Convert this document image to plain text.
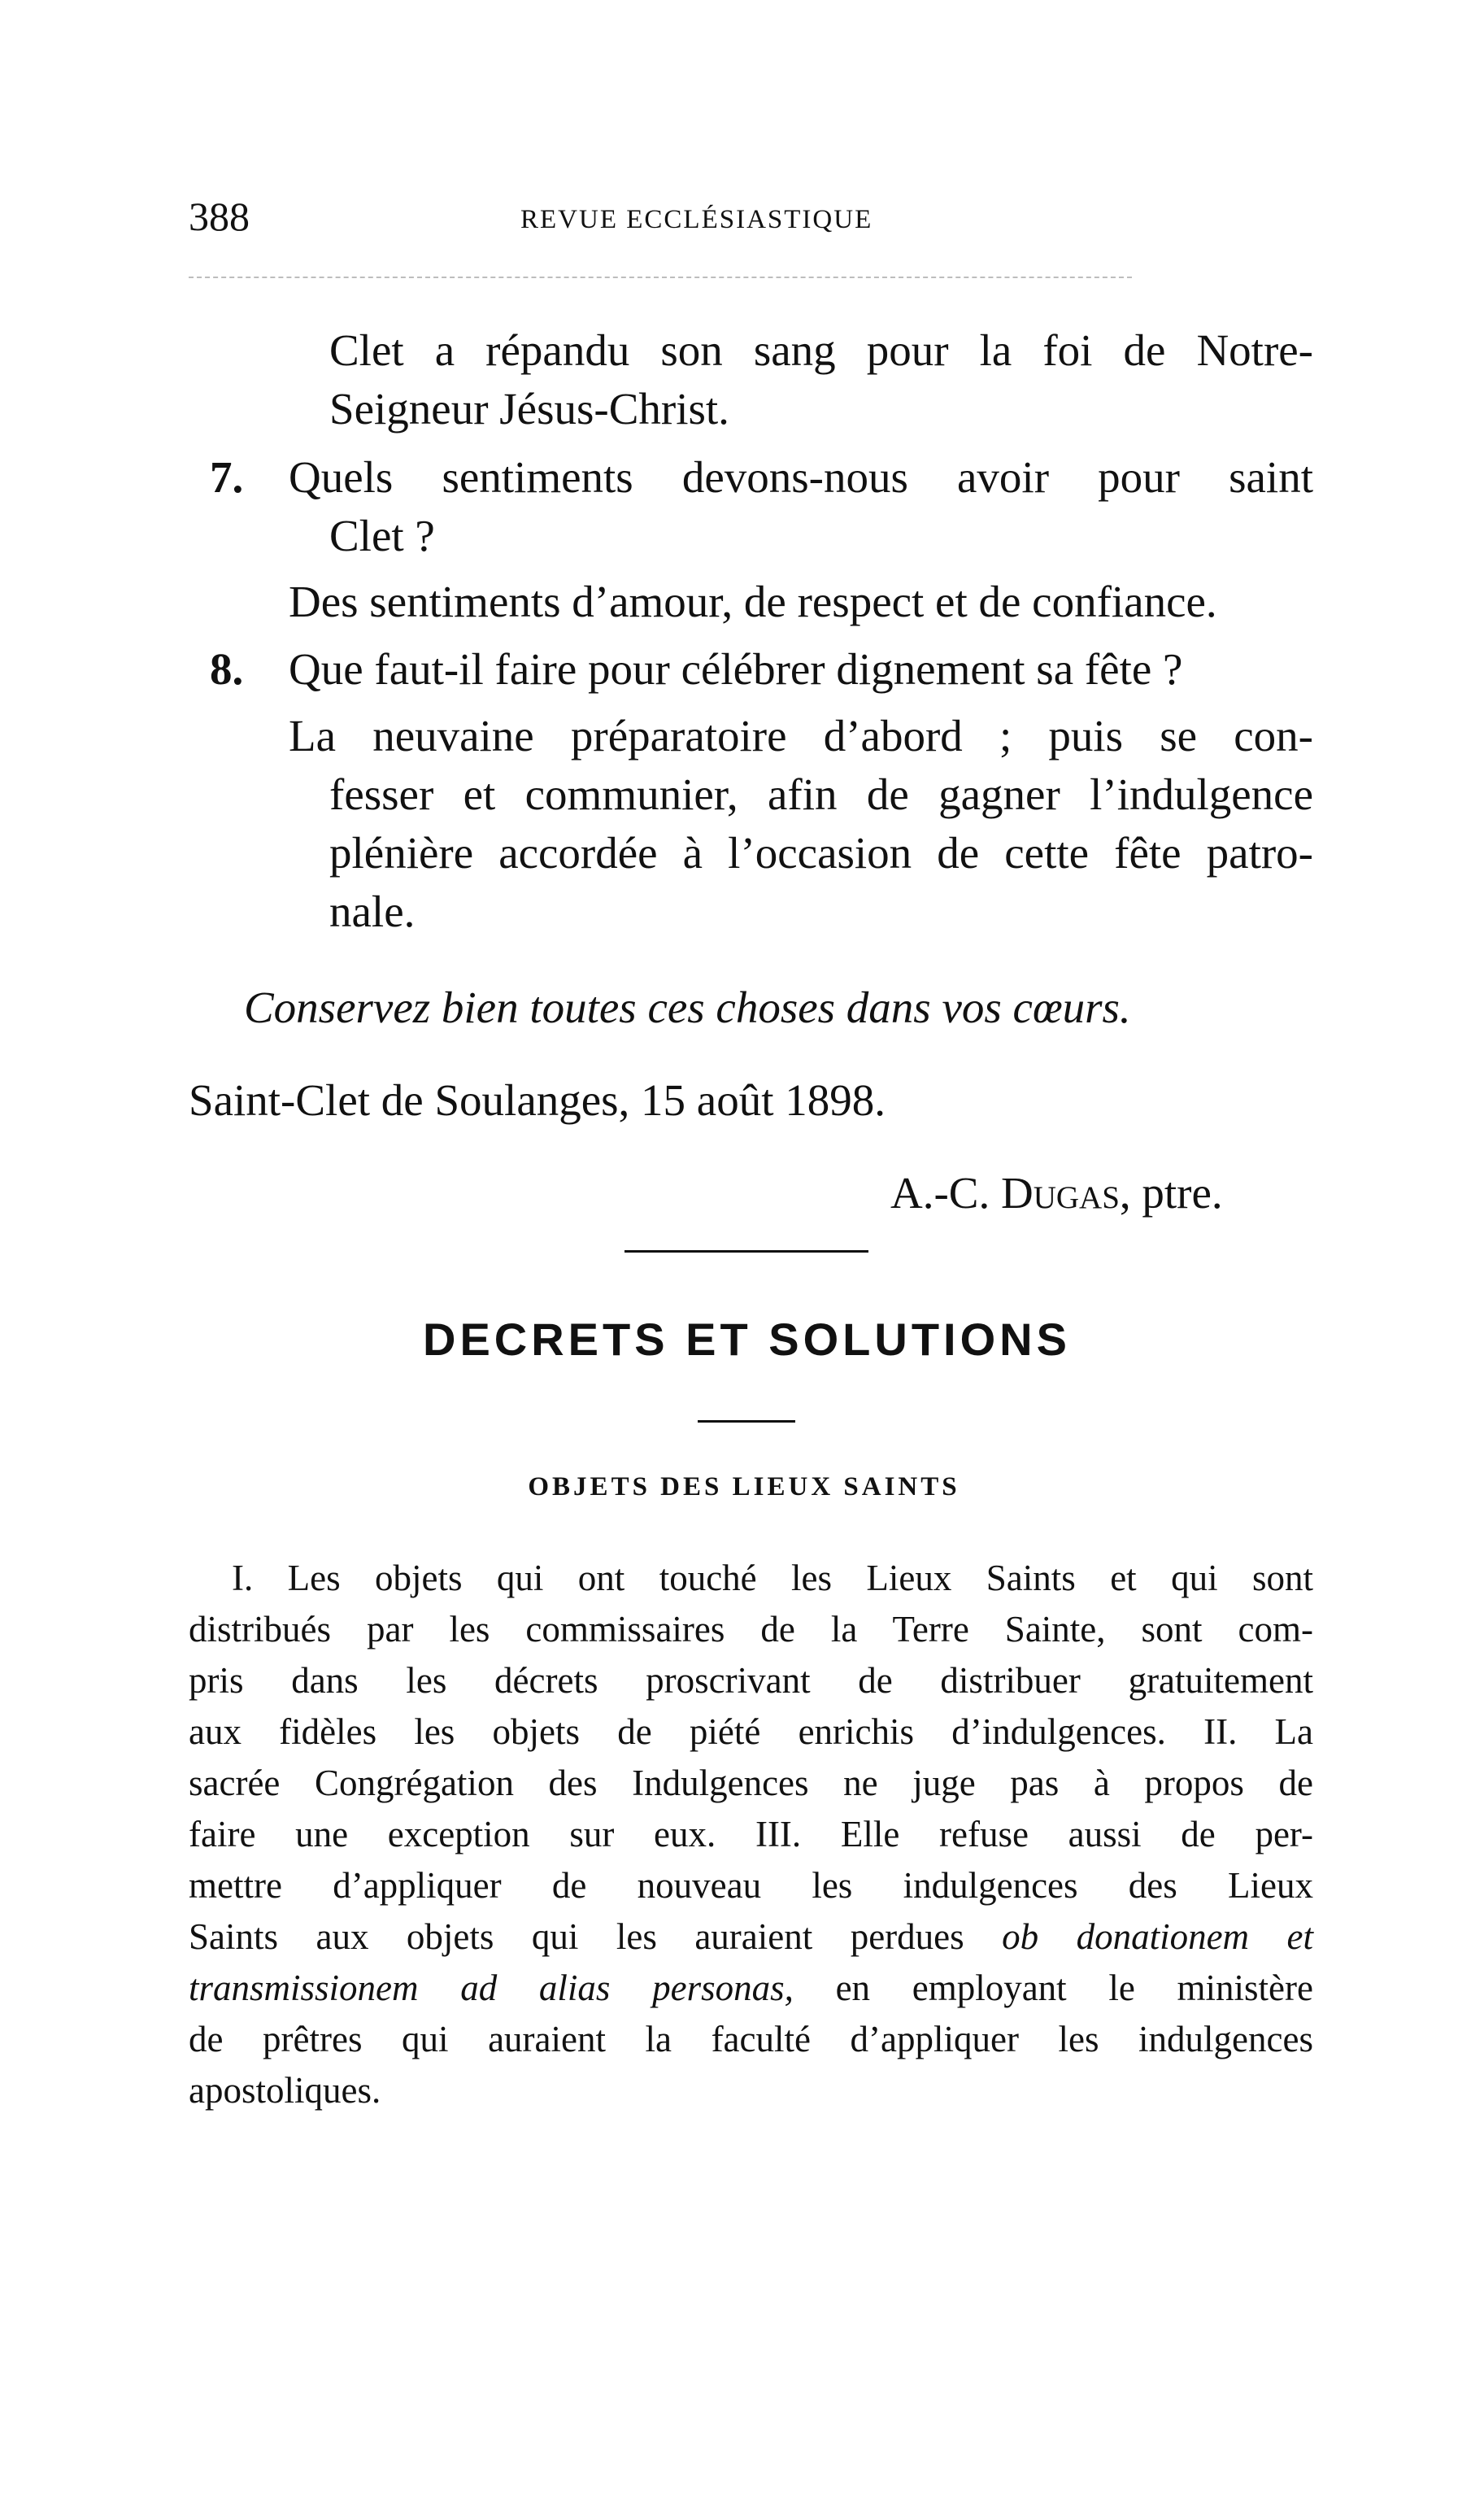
388	REVUE ECCLÉSIASTIQUE
Clet a répandu son sang pour la foi de Notre-
Seigneur Jésus-Christ.
7. Quels sentiments devons-nous avoir pour saint
Clet ?
Des sentiments d’amour, de respect et de confiance.
8. Que faut-il faire pour célébrer dignement sa fête ?
La neuvaine préparatoire d’abord ; puis se con-
fesser et communier, afin de gagner l’indulgence
plénière accordée à l’occasion de cette fête patro-
nale.
Conservez bien toutes ces choses dans vos cœurs.
Saint-Clet de Soulanges, 15 août 1898.
A.-C. Dugas, ptre.
DECRETS ET SOLUTIONS
OBJETS DES LIEUX SAINTS
I. Les objets qui ont touché les Lieux Saints et qui sont
distribués par les commissaires de la Terre Sainte, sont com-
pris dans les décrets proscrivant de distribuer gratuitement
aux fidèles les objets de piété enrichis d’indulgences. II. La
sacrée Congrégation des Indulgences ne juge pas à propos de
faire une exception sur eux. III. Elle refuse aussi de per-
mettre d’appliquer de nouveau les indulgences des Lieux
Saints aux objets qui les auraient perdues ob donationem et
transmissionem ad alias personas, en employant le ministère
de prêtres qui auraient la faculté d’appliquer les indulgences
apostoliques.
